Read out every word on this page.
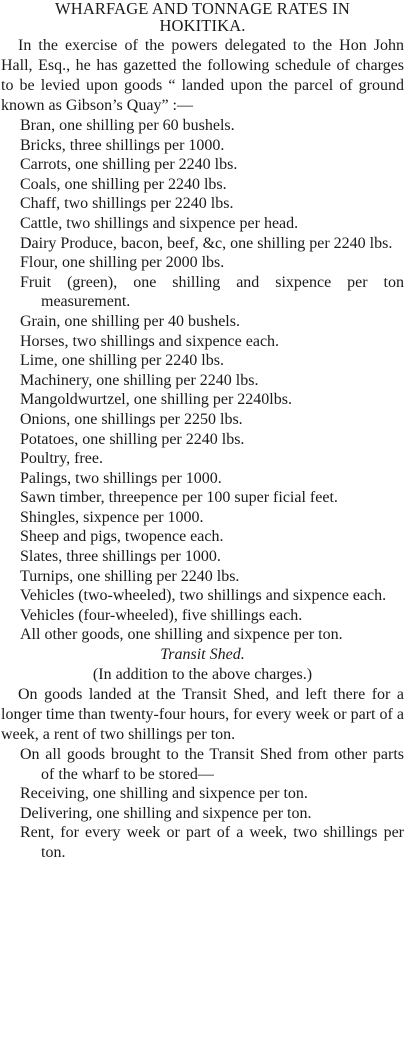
WHARFAGE AND TONNAGE RATES IN

HOKITIKA.

In the exercise of the powers delegated to the Hon John Hall, Esq., he has gazetted the following schedule of charges to be levied upon goods “ landed upon the parcel of ground known as Gibson’s Quay” :—

Bran, one shilling per 60 bushels.
Bricks, three shillings per 1000.
Carrots, one shilling per 2240 lbs.
Coals, one shilling per 2240 lbs.
Chaff, two shillings per 2240 lbs.
Cattle, two shillings and sixpence per head.
Dairy Produce, bacon, beef, &c, one shilling per 2240 lbs.
Flour, one shilling per 2000 lbs.
Fruit (green), one shilling and sixpence per ton measurement.
Grain, one shilling per 40 bushels.
Horses, two shillings and sixpence each.
Lime, one shilling per 2240 lbs.
Machinery, one shilling per 2240 lbs.
Mangoldwurtzel, one shilling per 2240lbs.
Onions, one shillings per 2250 lbs.
Potatoes, one shilling per 2240 lbs.
Poultry, free.
Palings, two shillings per 1000.
Sawn timber, threepence per 100 super ficial feet.
Shingles, sixpence per 1000.
Sheep and pigs, twopence each.
Slates, three shillings per 1000.
Turnips, one shilling per 2240 lbs.
Vehicles (two-wheeled), two shillings and sixpence each.
Vehicles (four-wheeled), five shillings each.
All other goods, one shilling and sixpence per ton.

Transit Shed.

(In addition to the above charges.)

On goods landed at the Transit Shed, and left there for a longer time than twenty-four hours, for every week or part of a week, a rent of two shillings per ton.

On all goods brought to the Transit Shed from other parts of the wharf to be stored—
Receiving, one shilling and sixpence per ton.
Delivering, one shilling and sixpence per ton.
Rent, for every week or part of a week, two shillings per ton.
